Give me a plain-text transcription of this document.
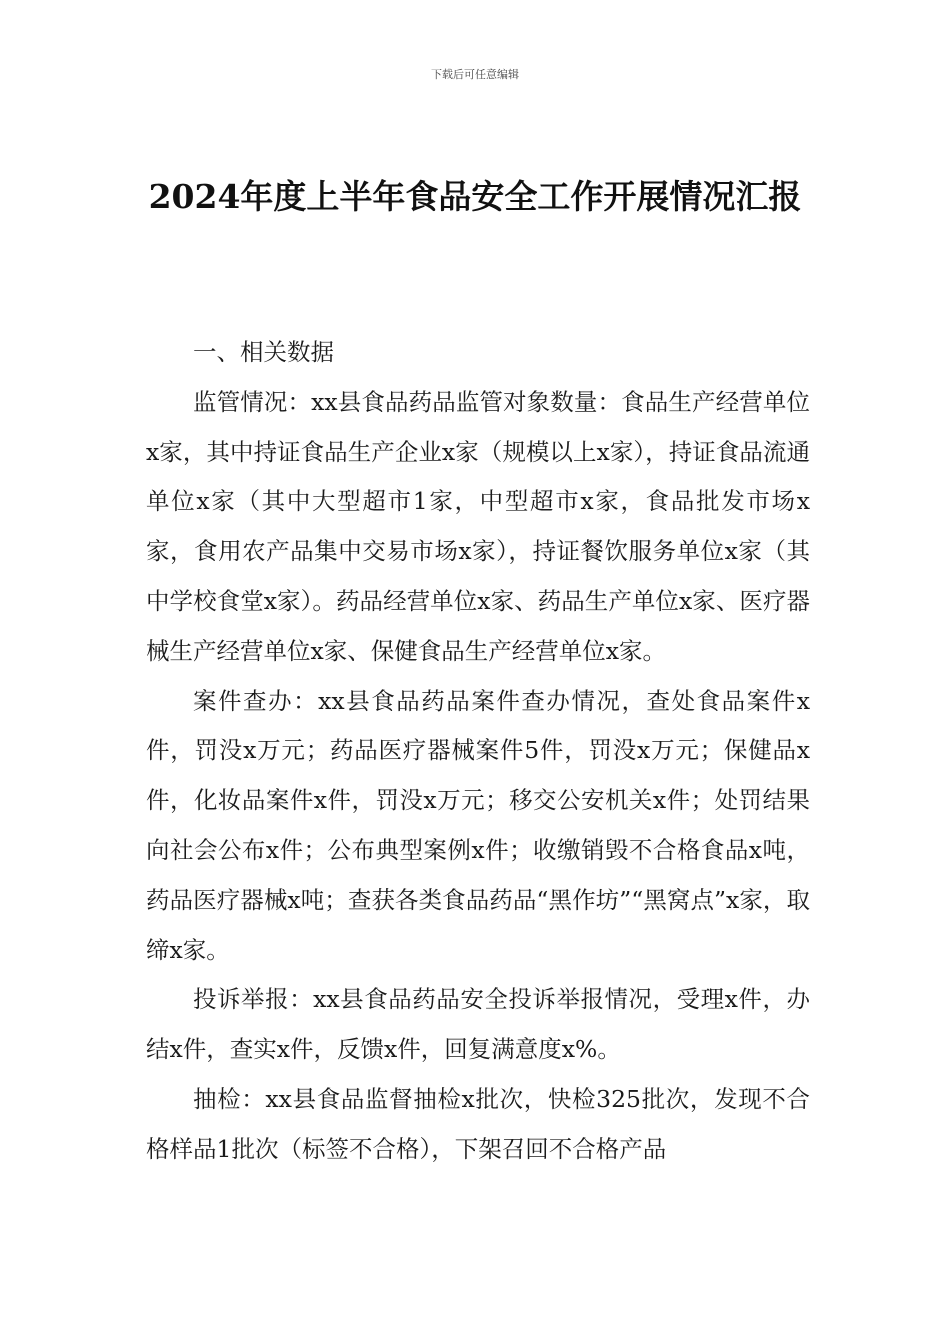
下载后可任意编辑
2024年度上半年食品安全工作开展情况汇报

一、相关数据

监管情况：xx县食品药品监管对象数量：食品生产经营单位x家，其中持证食品生产企业x家（规模以上x家），持证食品流通单位x家（其中大型超市1家，中型超市x家，食品批发市场x家，食用农产品集中交易市场x家），持证餐饮服务单位x家（其中学校食堂x家）。药品经营单位x家、药品生产单位x家、医疗器械生产经营单位x家、保健食品生产经营单位x家。

案件查办：xx县食品药品案件查办情况，查处食品案件x件，罚没x万元；药品医疗器械案件5件，罚没x万元；保健品x件，化妆品案件x件，罚没x万元；移交公安机关x件；处罚结果向社会公布x件；公布典型案例x件；收缴销毁不合格食品x吨，药品医疗器械x吨；查获各类食品药品“黑作坊”“黑窝点”x家，取缔x家。

投诉举报：xx县食品药品安全投诉举报情况，受理x件，办结x件，查实x件，反馈x件，回复满意度x%。

抽检：xx县食品监督抽检x批次，快检325批次，发现不合格样品1批次（标签不合格），下架召回不合格产品
